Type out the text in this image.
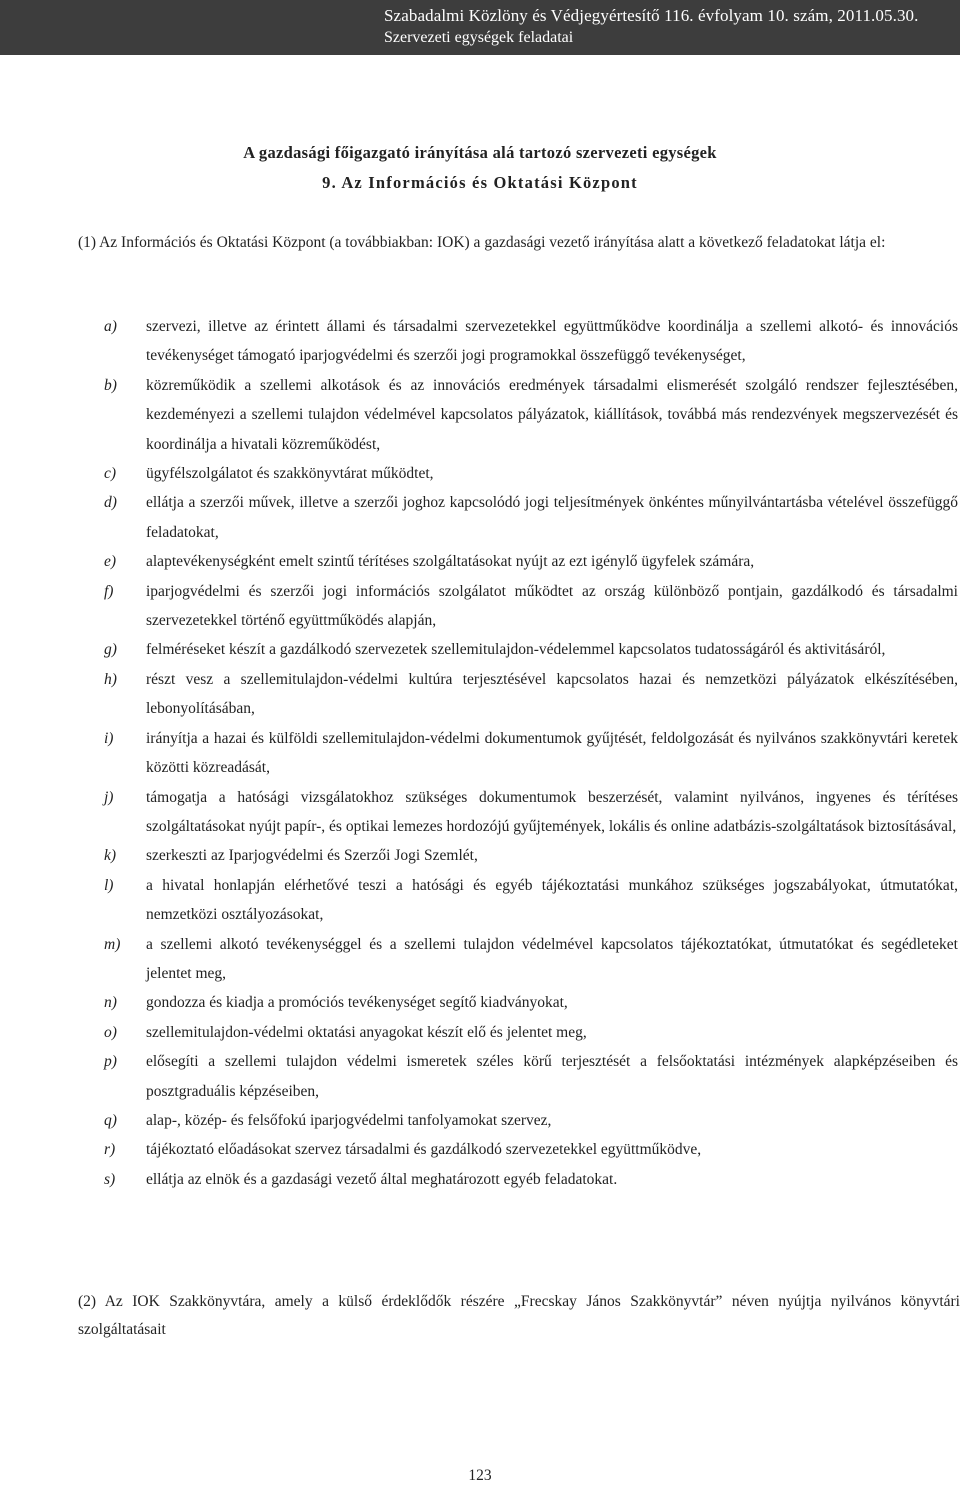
Szabadalmi Közlöny és Védjegyértesítő 116. évfolyam 10. szám, 2011.05.30.
Szervezeti egységek feladatai
A gazdasági főigazgató irányítása alá tartozó szervezeti egységek
9. Az Információs és Oktatási Központ

(1) Az Információs és Oktatási Központ (a továbbiakban: IOK) a gazdasági vezető irányítása alatt a következő feladatokat látja el:

a)	szervezi, illetve az érintett állami és társadalmi szervezetekkel együttműködve koordinálja a szellemi alkotó- és innovációs tevékenységet támogató iparjogvédelmi és szerzői jogi programokkal összefüggő tevékenységet,
b)	közreműködik a szellemi alkotások és az innovációs eredmények társadalmi elismerését szolgáló rendszer fejlesztésében, kezdeményezi a szellemi tulajdon védelmével kapcsolatos pályázatok, kiállítások, továbbá más rendezvények megszervezését és koordinálja a hivatali közreműködést,
c)	ügyfélszolgálatot és szakkönyvtárat működtet,
d)	ellátja a szerzői művek, illetve a szerzői joghoz kapcsolódó jogi teljesítmények önkéntes műnyilvántartásba vételével összefüggő feladatokat,
e)	alaptevékenységként emelt szintű térítéses szolgáltatásokat nyújt az ezt igénylő ügyfelek számára,
f)	iparjogvédelmi és szerzői jogi információs szolgálatot működtet az ország különböző pontjain, gazdálkodó és társadalmi szervezetekkel történő együttműködés alapján,
g)	felméréseket készít a gazdálkodó szervezetek szellemitulajdon-védelemmel kapcsolatos tudatosságáról és aktivitásáról,
h)	részt vesz a szellemitulajdon-védelmi kultúra terjesztésével kapcsolatos hazai és nemzetközi pályázatok elkészítésében, lebonyolításában,
i)	irányítja a hazai és külföldi szellemitulajdon-védelmi dokumentumok gyűjtését, feldolgozását és nyilvános szakkönyvtári keretek közötti közreadását,
j)	támogatja a hatósági vizsgálatokhoz szükséges dokumentumok beszerzését, valamint nyilvános, ingyenes és térítéses szolgáltatásokat nyújt papír-, és optikai lemezes hordozójú gyűjtemények, lokális és online adatbázis-szolgáltatások biztosításával,
k)	szerkeszti az Iparjogvédelmi és Szerzői Jogi Szemlét,
l)	a hivatal honlapján elérhetővé teszi a hatósági és egyéb tájékoztatási munkához szükséges jogszabályokat, útmutatókat, nemzetközi osztályozásokat,
m)	a szellemi alkotó tevékenységgel és a szellemi tulajdon védelmével kapcsolatos tájékoztatókat, útmutatókat és segédleteket jelentet meg,
n)	gondozza és kiadja a promóciós tevékenységet segítő kiadványokat,
o)	szellemitulajdon-védelmi oktatási anyagokat készít elő és jelentet meg,
p)	elősegíti a szellemi tulajdon védelmi ismeretek széles körű terjesztését a felsőoktatási intézmények alapképzéseiben és posztgraduális képzéseiben,
q)	alap-, közép- és felsőfokú iparjogvédelmi tanfolyamokat szervez,
r)	tájékoztató előadásokat szervez társadalmi és gazdálkodó szervezetekkel együttműködve,
s)	ellátja az elnök és a gazdasági vezető által meghatározott egyéb feladatokat.

(2) Az IOK Szakkönyvtára, amely a külső érdeklődők részére „Frecskay János Szakkönyvtár” néven nyújtja nyilvános könyvtári szolgáltatásait

123
